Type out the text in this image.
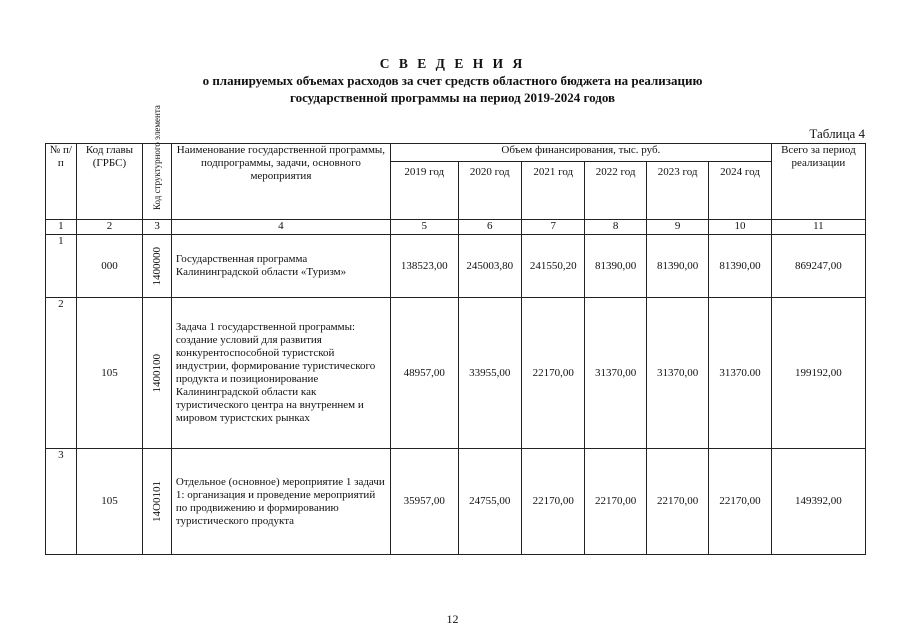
С В Е Д Е Н И Я
о планируемых объемах расходов за счет средств областного бюджета на реализацию
государственной программы на период 2019-2024 годов
Таблица 4
№ п/п	Код главы (ГРБС)	Код структурного элемента	Наименование государственной программы, подпрограммы, задачи, основного мероприятия	Объем финансирования, тыс. руб.						Всего за период реализации
				2019 год	2020 год	2021 год	2022 год	2023 год	2024 год	
1	2	3	4	5	6	7	8	9	10	11
1	000	1400000	Государственная программа Калининградской области «Туризм»	138523,00	245003,80	241550,20	81390,00	81390,00	81390,00	869247,00
2	105	1400100	Задача 1 государственной программы: создание условий для развития конкурентоспособной туристской индустрии, формирование туристического продукта и позиционирование Калининградской области как туристического центра на внутреннем и мировом туристских рынках	48957,00	33955,00	22170,00	31370,00	31370,00	31370.00	199192,00
3	105	14О0101	Отдельное (основное) мероприятие 1 задачи 1: организация и проведение мероприятий по продвижению и формированию туристического продукта	35957,00	24755,00	22170,00	22170,00	22170,00	22170,00	149392,00
12
